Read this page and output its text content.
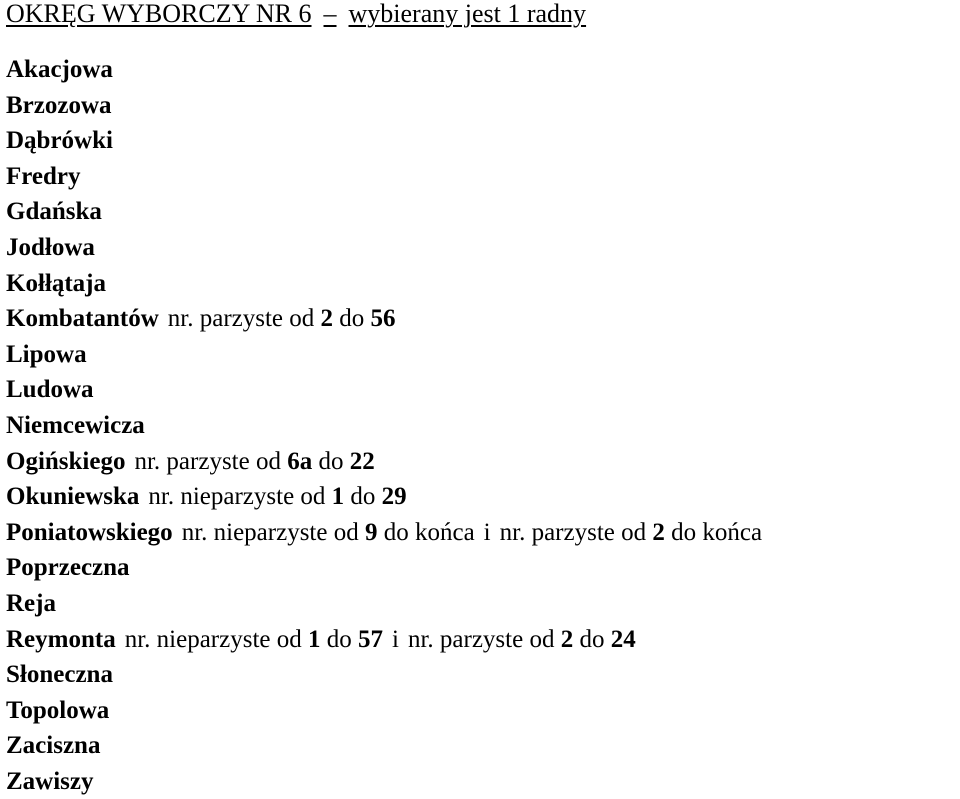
OKRĘG WYBORCZY NR 6 – wybierany jest 1 radny
Akacjowa
Brzozowa
Dąbrówki
Fredry
Gdańska
Jodłowa
Kołłątaja
Kombatantów nr. parzyste od 2 do 56
Lipowa
Ludowa
Niemcewicza
Ogińskiego nr. parzyste od 6a do 22
Okuniewska nr. nieparzyste od 1 do 29
Poniatowskiego nr. nieparzyste od 9 do końca i nr. parzyste od 2 do końca
Poprzeczna
Reja
Reymonta nr. nieparzyste od 1 do 57 i nr. parzyste od 2 do 24
Słoneczna
Topolowa
Zaciszna
Zawiszy
